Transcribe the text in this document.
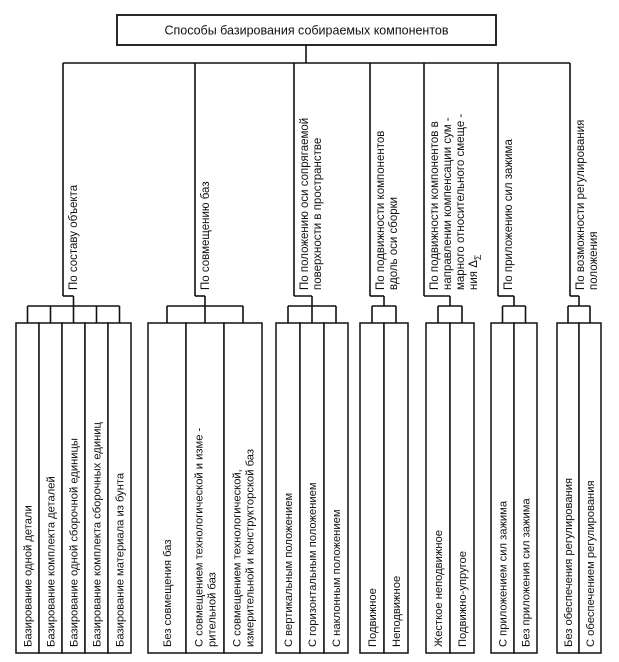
Способы базирования собираемых компонентов
По составу объекта
Базирование одной детали Базирование комплекта деталей Базирование одной сборочной единицы Базирование комплекта сборочных единиц Базирование материала из бунта
По совмещению баз
Без совмещения баз С совмещением технологической и изме -рительной баз С совмещением технологической,измерительной и конструкторской баз
По положению оси сопрягаемойповерхности в пространстве
С вертикальным положением С горизонтальным положением С наклонным положением
По подвижности компонентоввдоль оси сборки
Подвижное Неподвижное
По подвижности компонентов внаправлении компенсации сум -марного относительного смеще -ния $\Delta_\Sigma$
Жесткое неподвижное Подвижно-упругое
По приложению сил зажима
С приложением сил зажима Без приложения сил зажима
По возможности регулированияположения
Без обеспечения регулирования С обеспечением регулирования
